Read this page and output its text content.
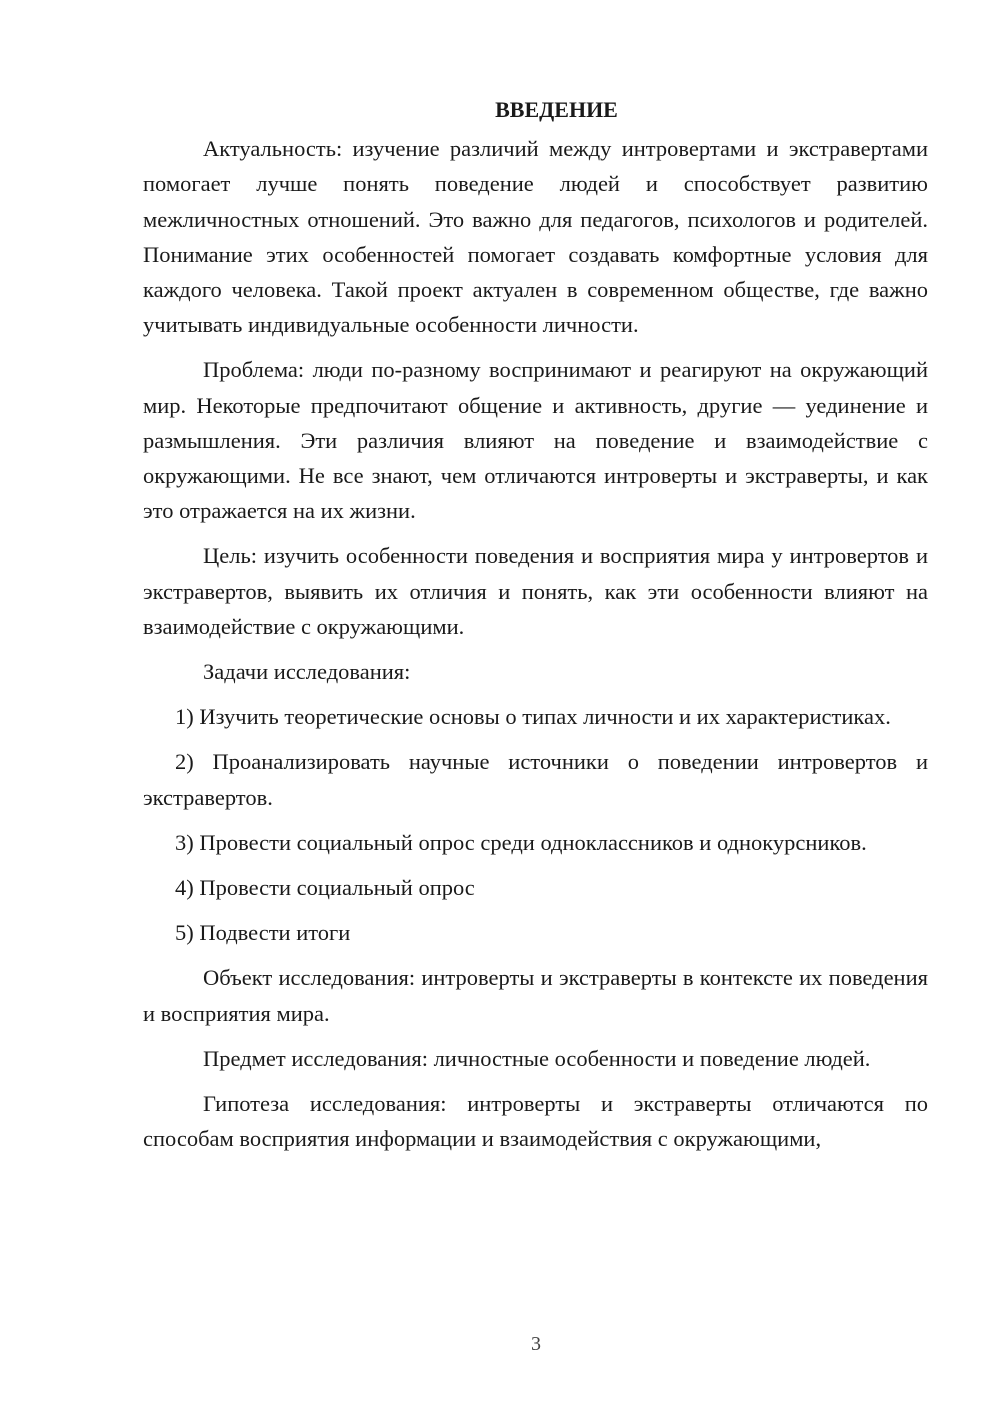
ВВЕДЕНИЕ

Актуальность: изучение различий между интровертами и экстравертами помогает лучше понять поведение людей и способствует развитию межличностных отношений. Это важно для педагогов, психологов и родителей. Понимание этих особенностей помогает создавать комфортные условия для каждого человека. Такой проект актуален в современном обществе, где важно учитывать индивидуальные особенности личности.

Проблема: люди по-разному воспринимают и реагируют на окружающий мир. Некоторые предпочитают общение и активность, другие — уединение и размышления. Эти различия влияют на поведение и взаимодействие с окружающими. Не все знают, чем отличаются интроверты и экстраверты, и как это отражается на их жизни.

Цель: изучить особенности поведения и восприятия мира у интровертов и экстравертов, выявить их отличия и понять, как эти особенности влияют на взаимодействие с окружающими.

Задачи исследования:

1) Изучить теоретические основы о типах личности и их характеристиках.

2) Проанализировать научные источники о поведении интровертов и экстравертов.

3) Провести социальный опрос среди одноклассников и однокурсников.

4) Провести социальный опрос

5) Подвести итоги

Объект исследования: интроверты и экстраверты в контексте их поведения и восприятия мира.

Предмет исследования: личностные особенности и поведение людей.

Гипотеза исследования: интроверты и экстраверты отличаются по способам восприятия информации и взаимодействия с окружающими,

3
